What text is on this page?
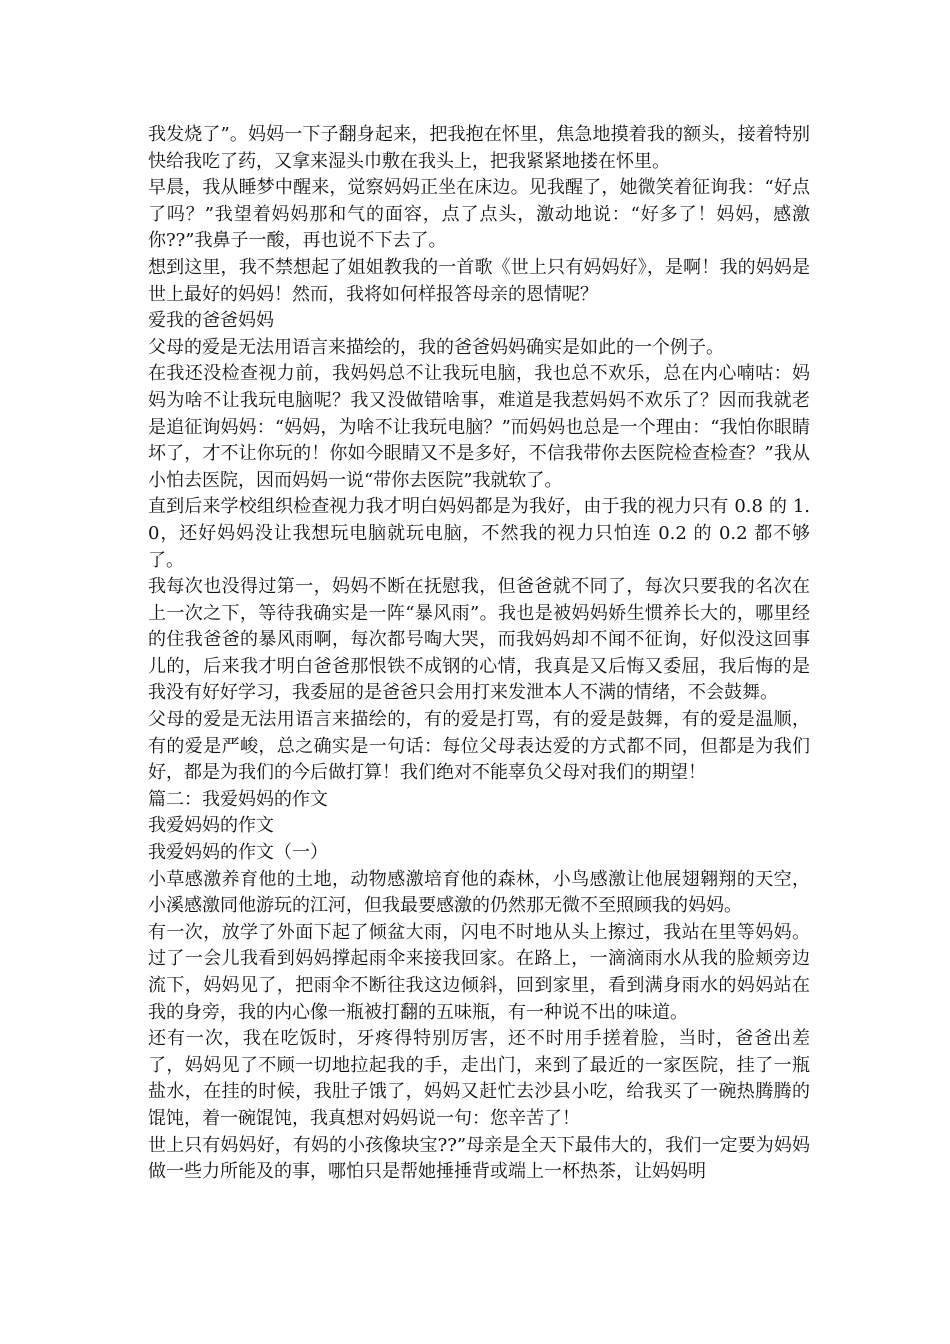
我发烧了”。妈妈一下子翻身起来，把我抱在怀里，焦急地摸着我的额头，接着特别快给我吃了药，又拿来湿头巾敷在我头上，把我紧紧地搂在怀里。

早晨，我从睡梦中醒来，觉察妈妈正坐在床边。见我醒了，她微笑着征询我：“好点了吗？”我望着妈妈那和气的面容，点了点头，激动地说：“好多了！妈妈，感激你??”我鼻子一酸，再也说不下去了。

想到这里，我不禁想起了姐姐教我的一首歌《世上只有妈妈好》，是啊！我的妈妈是世上最好的妈妈！然而，我将如何样报答母亲的恩情呢？

爱我的爸爸妈妈

父母的爱是无法用语言来描绘的，我的爸爸妈妈确实是如此的一个例子。

在我还没检查视力前，我妈妈总不让我玩电脑，我也总不欢乐，总在内心喃咕：妈妈为啥不让我玩电脑呢？我又没做错啥事，难道是我惹妈妈不欢乐了？因而我就老是追征询妈妈：“妈妈，为啥不让我玩电脑？”而妈妈也总是一个理由：“我怕你眼睛坏了，才不让你玩的！你如今眼睛又不是多好，不信我带你去医院检查检查？”我从小怕去医院，因而妈妈一说“带你去医院”我就软了。

直到后来学校组织检查视力我才明白妈妈都是为我好，由于我的视力只有 0.8 的 1.0，还好妈妈没让我想玩电脑就玩电脑，不然我的视力只怕连 0.2 的 0.2 都不够了。

我每次也没得过第一，妈妈不断在抚慰我，但爸爸就不同了，每次只要我的名次在上一次之下，等待我确实是一阵“暴风雨”。我也是被妈妈娇生惯养长大的，哪里经的住我爸爸的暴风雨啊，每次都号啕大哭，而我妈妈却不闻不征询，好似没这回事儿的，后来我才明白爸爸那恨铁不成钢的心情，我真是又后悔又委屈，我后悔的是我没有好好学习，我委屈的是爸爸只会用打来发泄本人不满的情绪，不会鼓舞。

父母的爱是无法用语言来描绘的，有的爱是打骂，有的爱是鼓舞，有的爱是温顺，有的爱是严峻，总之确实是一句话：每位父母表达爱的方式都不同，但都是为我们好，都是为我们的今后做打算！我们绝对不能辜负父母对我们的期望！

篇二：我爱妈妈的作文

我爱妈妈的作文

我爱妈妈的作文（一）

小草感激养育他的土地，动物感激培育他的森林，小鸟感激让他展翅翱翔的天空，小溪感激同他游玩的江河，但我最要感激的仍然那无微不至照顾我的妈妈。

有一次，放学了外面下起了倾盆大雨，闪电不时地从头上擦过，我站在里等妈妈。过了一会儿我看到妈妈撑起雨伞来接我回家。在路上，一滴滴雨水从我的脸颊旁边流下，妈妈见了，把雨伞不断往我这边倾斜，回到家里，看到满身雨水的妈妈站在我的身旁，我的内心像一瓶被打翻的五味瓶，有一种说不出的味道。

还有一次，我在吃饭时，牙疼得特别厉害，还不时用手搓着脸，当时，爸爸出差了，妈妈见了不顾一切地拉起我的手，走出门，来到了最近的一家医院，挂了一瓶盐水，在挂的时候，我肚子饿了，妈妈又赶忙去沙县小吃，给我买了一碗热腾腾的馄饨，着一碗馄饨，我真想对妈妈说一句：您辛苦了！

世上只有妈妈好，有妈的小孩像块宝??”母亲是全天下最伟大的，我们一定要为妈妈做一些力所能及的事，哪怕只是帮她捶捶背或端上一杯热茶，让妈妈明
